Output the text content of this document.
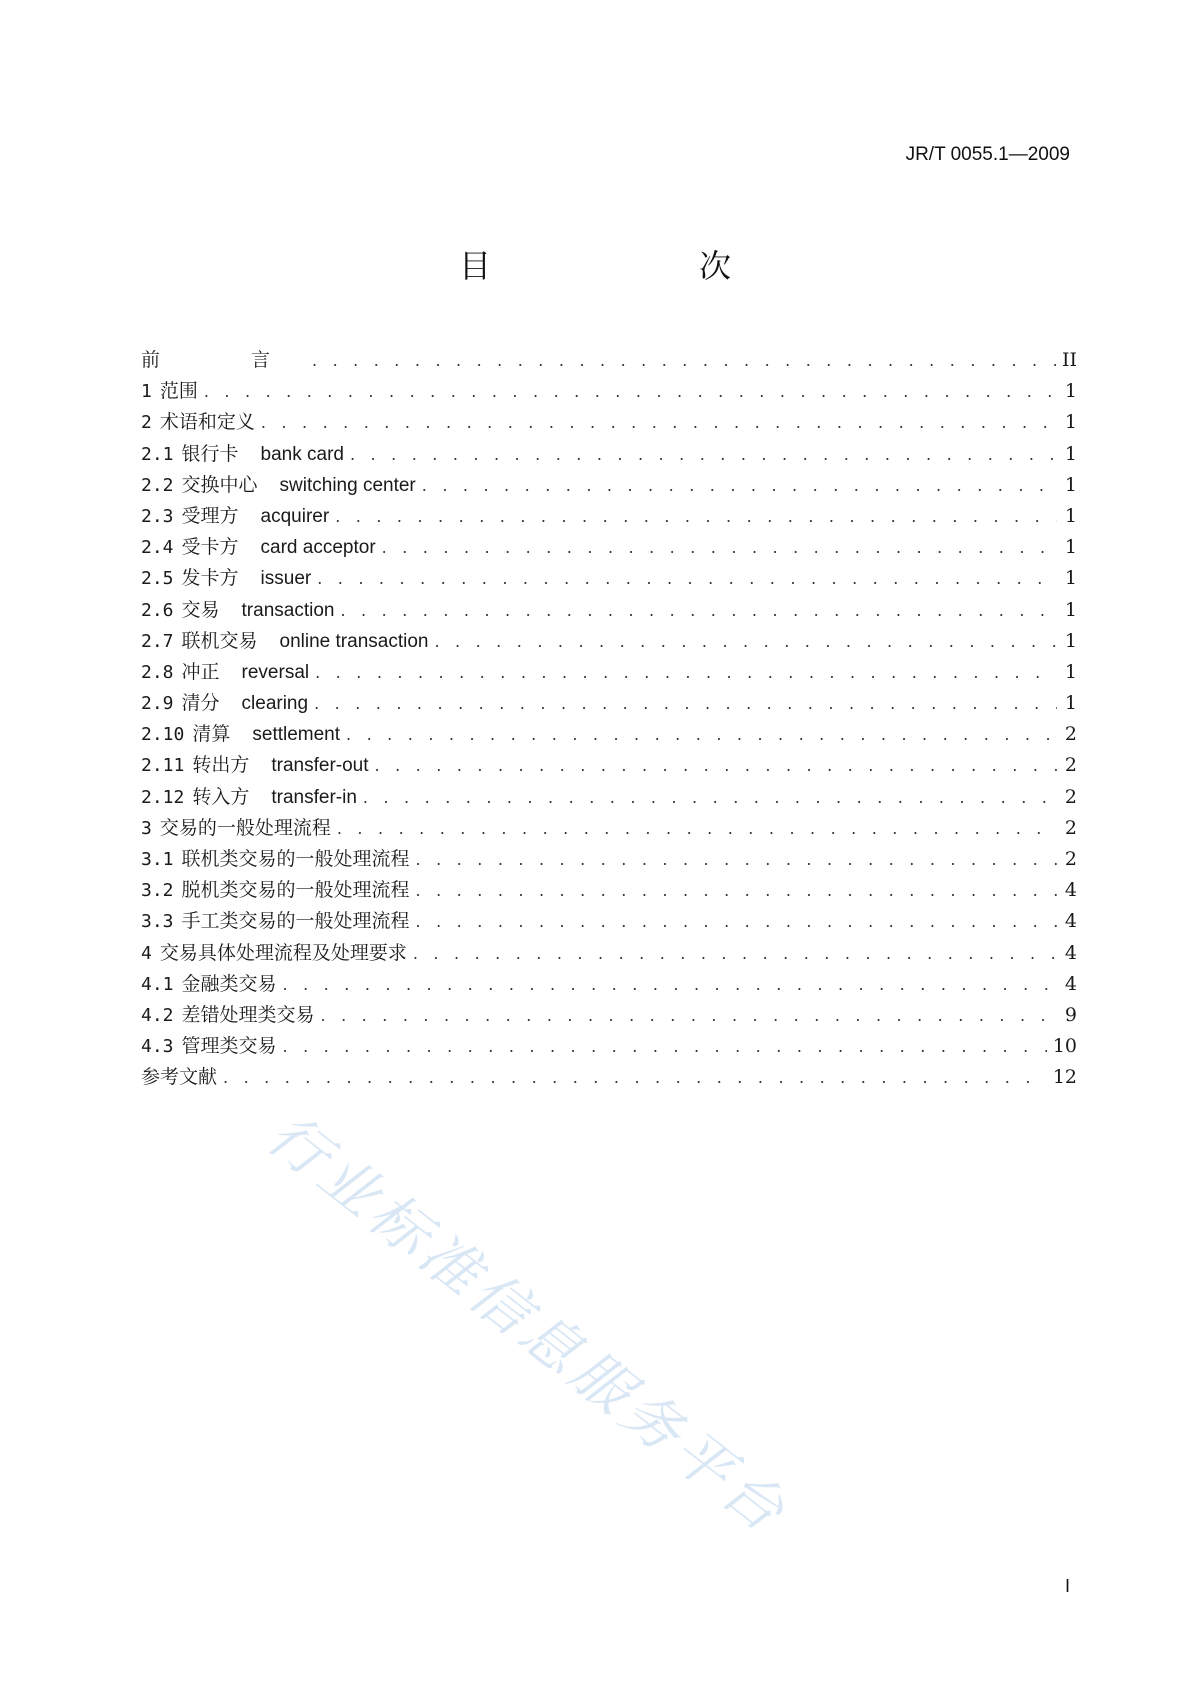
JR/T 0055.1—2009
目　　次
前　言 . . .	II
1 范围 . . .	1
2 术语和定义 . . .	1
2.1 银行卡 bank card . . .	1
2.2 交换中心 switching center . . .	1
2.3 受理方 acquirer . . .	1
2.4 受卡方 card acceptor . . .	1
2.5 发卡方 issuer . . .	1
2.6 交易 transaction . . .	1
2.7 联机交易 online transaction . . .	1
2.8 冲正 reversal . . .	1
2.9 清分 clearing . . .	1
2.10 清算 settlement . . .	2
2.11 转出方 transfer-out . . .	2
2.12 转入方 transfer-in . . .	2
3 交易的一般处理流程 . . .	2
3.1 联机类交易的一般处理流程 . . .	2
3.2 脱机类交易的一般处理流程 . . .	4
3.3 手工类交易的一般处理流程 . . .	4
4 交易具体处理流程及处理要求 . . .	4
4.1 金融类交易 . . .	4
4.2 差错处理类交易 . . .	9
4.3 管理类交易 . . .	10
参考文献 . . .	12
行业标准信息服务平台
I
